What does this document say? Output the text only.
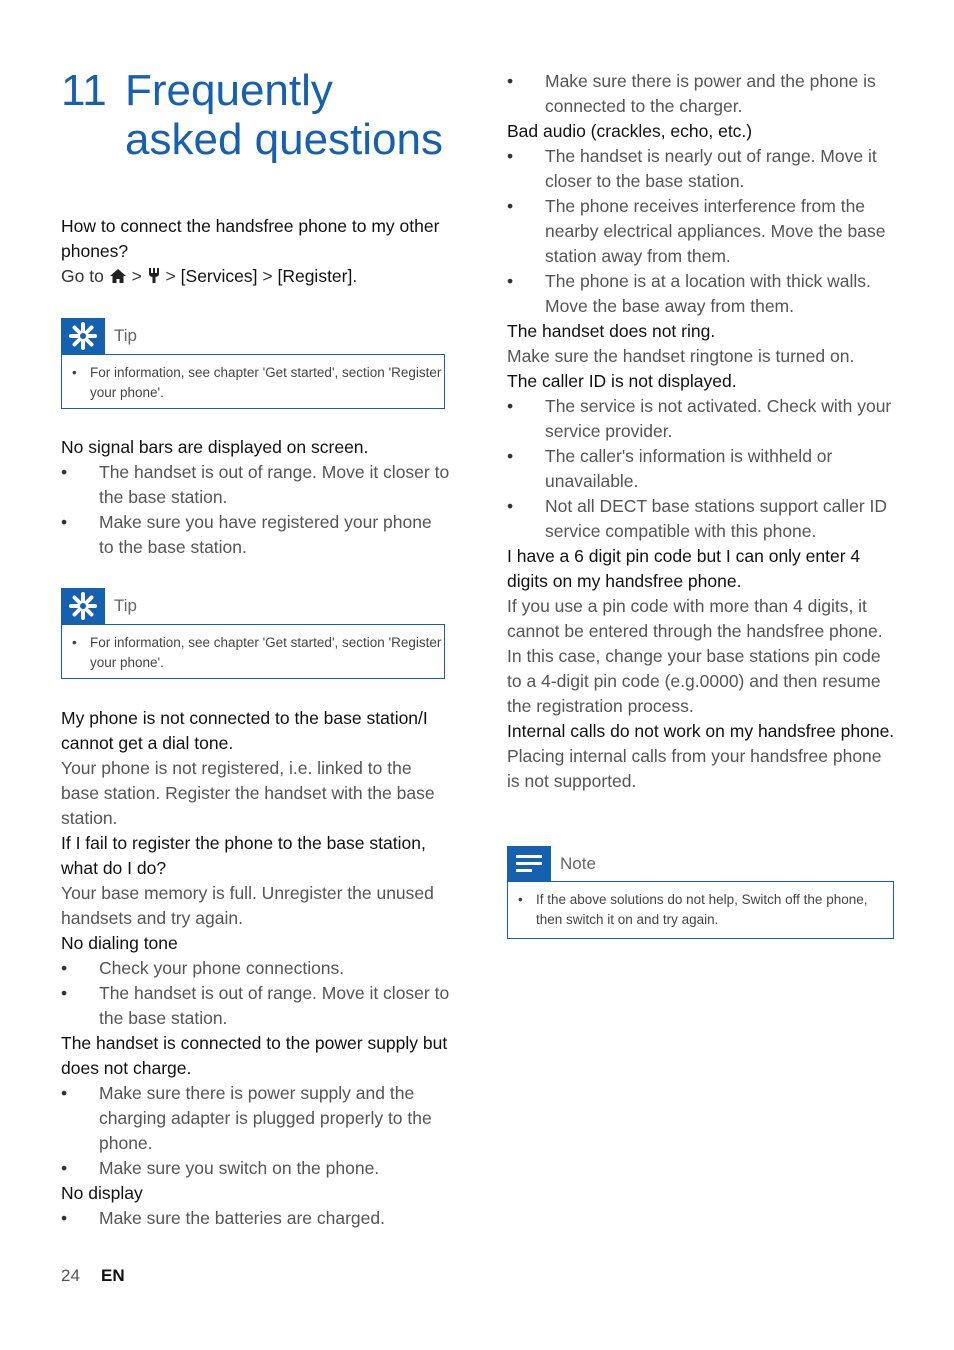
11 Frequently
asked questions

How to connect the handsfree phone to my other phones?

Go to > > [Services] > [Register].

Tip
• For information, see chapter 'Get started', section 'Register your phone'.

No signal bars are displayed on screen.

• The handset is out of range. Move it closer to the base station.

• Make sure you have registered your phone to the base station.

Tip
• For information, see chapter 'Get started', section 'Register your phone'.

My phone is not connected to the base station/I cannot get a dial tone.

Your phone is not registered, i.e. linked to the base station. Register the handset with the base station.

If I fail to register the phone to the base station, what do I do?

Your base memory is full. Unregister the unused handsets and try again.

No dialing tone

• Check your phone connections.

• The handset is out of range. Move it closer to the base station.

The handset is connected to the power supply but does not charge.

• Make sure there is power supply and the charging adapter is plugged properly to the phone.

• Make sure you switch on the phone.

No display

• Make sure the batteries are charged.

• Make sure there is power and the phone is connected to the charger.

Bad audio (crackles, echo, etc.)

• The handset is nearly out of range. Move it closer to the base station.

• The phone receives interference from the nearby electrical appliances. Move the base station away from them.

• The phone is at a location with thick walls. Move the base away from them.

The handset does not ring.

Make sure the handset ringtone is turned on.

The caller ID is not displayed.

• The service is not activated. Check with your service provider.

• The caller's information is withheld or unavailable.

• Not all DECT base stations support caller ID service compatible with this phone.

I have a 6 digit pin code but I can only enter 4 digits on my handsfree phone.

If you use a pin code with more than 4 digits, it cannot be entered through the handsfree phone. In this case, change your base stations pin code to a 4-digit pin code (e.g.0000) and then resume the registration process.

Internal calls do not work on my handsfree phone.

Placing internal calls from your handsfree phone is not supported.

Note
• If the above solutions do not help, Switch off the phone, then switch it on and try again.
24 EN
